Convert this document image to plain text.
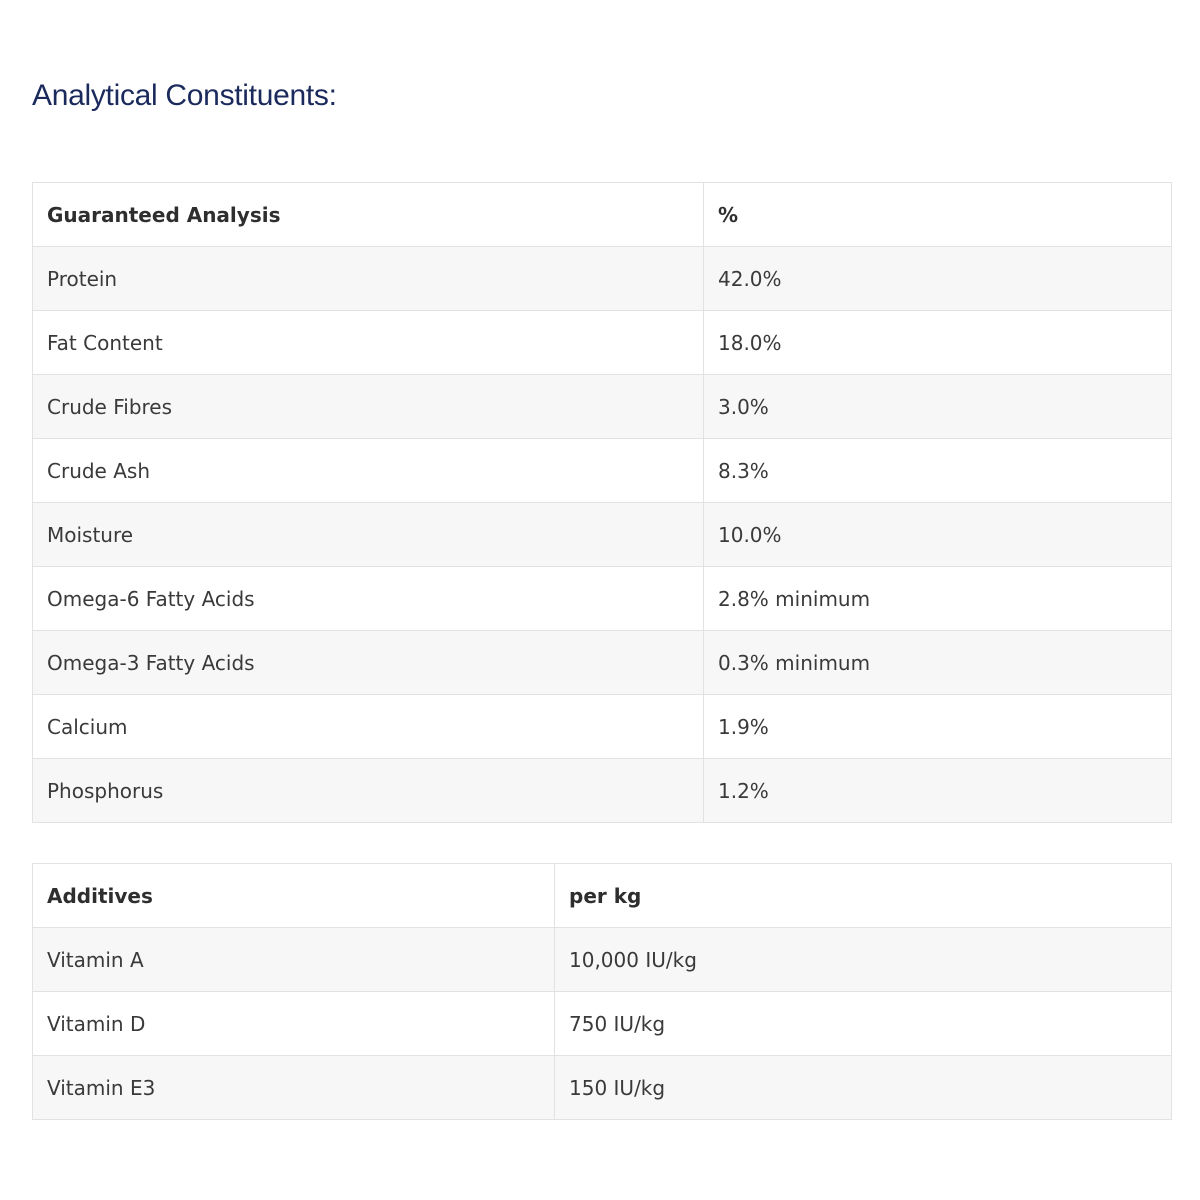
Analytical Constituents:
Guaranteed Analysis	%
Protein	42.0%
Fat Content	18.0%
Crude Fibres	3.0%
Crude Ash	8.3%
Moisture	10.0%
Omega-6 Fatty Acids	2.8% minimum
Omega-3 Fatty Acids	0.3% minimum
Calcium	1.9%
Phosphorus	1.2%
Additives	per kg
Vitamin A	10,000 IU/kg
Vitamin D	750 IU/kg
Vitamin E3	150 IU/kg
